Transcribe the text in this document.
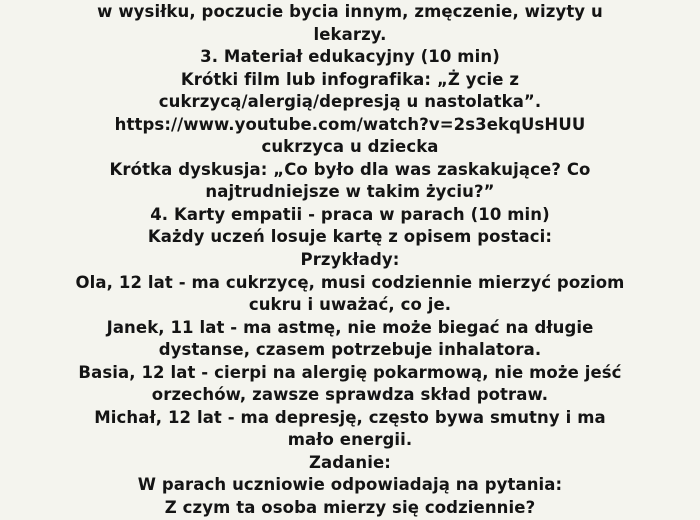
w wysiłku, poczucie bycia innym, zmęczenie, wizyty u
lekarzy.
3. Materiał edukacyjny (10 min)
Krótki film lub infografika: „Ż ycie z
cukrzycą/alergią/depresją u nastolatka”.
https://www.youtube.com/watch?v=2s3ekqUsHUU
cukrzyca u dziecka
Krótka dyskusja: „Co było dla was zaskakujące? Co
najtrudniejsze w takim życiu?”
4. Karty empatii - praca w parach (10 min)
Każdy uczeń losuje kartę z opisem postaci:
Przykłady:
Ola, 12 lat - ma cukrzycę, musi codziennie mierzyć poziom
cukru i uważać, co je.
Janek, 11 lat - ma astmę, nie może biegać na długie
dystanse, czasem potrzebuje inhalatora.
Basia, 12 lat - cierpi na alergię pokarmową, nie może jeść
orzechów, zawsze sprawdza skład potraw.
Michał, 12 lat - ma depresję, często bywa smutny i ma
mało energii.
Zadanie:
W parach uczniowie odpowiadają na pytania:
Z czym ta osoba mierzy się codziennie?
